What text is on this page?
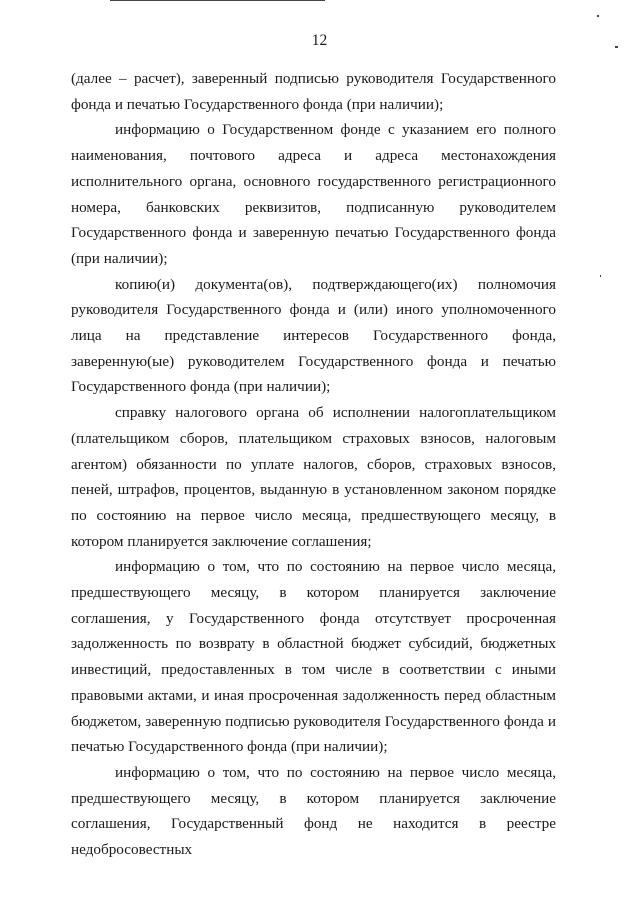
12

(далее – расчет), заверенный подписью руководителя Государственного фонда и печатью Государственного фонда (при наличии);

информацию о Государственном фонде с указанием его полного наименования, почтового адреса и адреса местонахождения исполнительного органа, основного государственного регистрационного номера, банковских реквизитов, подписанную руководителем Государственного фонда и заверенную печатью Государственного фонда (при наличии);

копию(и) документа(ов), подтверждающего(их) полномочия руководителя Государственного фонда и (или) иного уполномоченного лица на представление интересов Государственного фонда, заверенную(ые) руководителем Государственного фонда и печатью Государственного фонда (при наличии);

справку налогового органа об исполнении налогоплательщиком (плательщиком сборов, плательщиком страховых взносов, налоговым агентом) обязанности по уплате налогов, сборов, страховых взносов, пеней, штрафов, процентов, выданную в установленном законом порядке по состоянию на первое число месяца, предшествующего месяцу, в котором планируется заключение соглашения;

информацию о том, что по состоянию на первое число месяца, предшествующего месяцу, в котором планируется заключение соглашения, у Государственного фонда отсутствует просроченная задолженность по возврату в областной бюджет субсидий, бюджетных инвестиций, предоставленных в том числе в соответствии с иными правовыми актами, и иная просроченная задолженность перед областным бюджетом, заверенную подписью руководителя Государственного фонда и печатью Государственного фонда (при наличии);

информацию о том, что по состоянию на первое число месяца, предшествующего месяцу, в котором планируется заключение соглашения, Государственный фонд не находится в реестре недобросовестных
